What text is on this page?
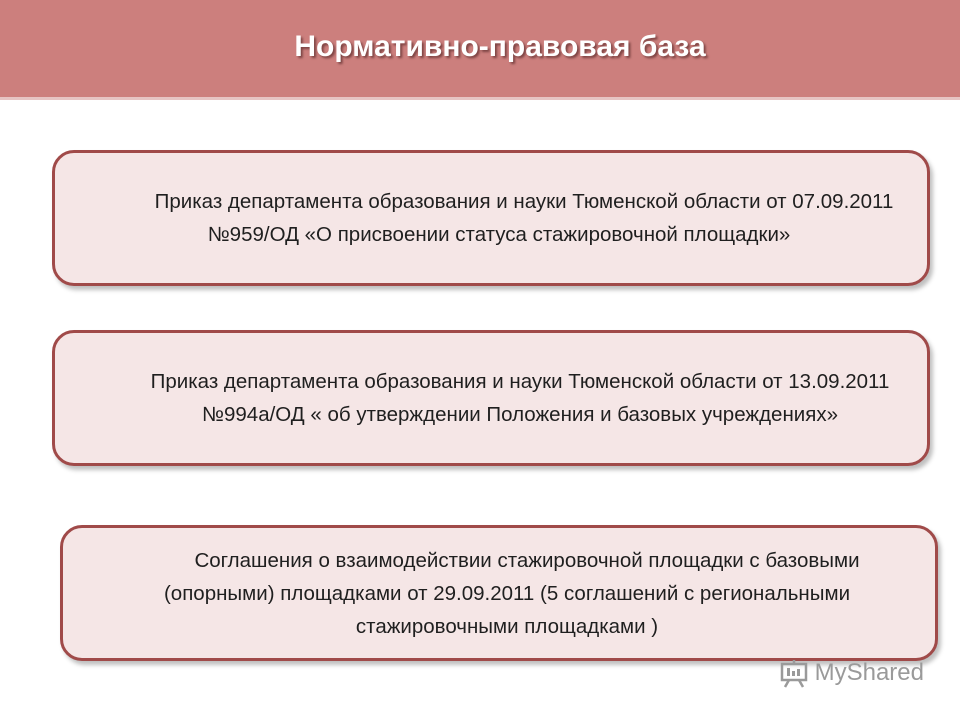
Нормативно-правовая база
Приказ департамента образования и науки Тюменской области от 07.09.2011 №959/ОД «О присвоении статуса стажировочной площадки»
Приказ департамента образования и науки Тюменской области от 13.09.2011 №994а/ОД « об утверждении Положения и базовых учреждениях»
Соглашения о взаимодействии стажировочной площадки с базовыми (опорными) площадками от 29.09.2011 (5 соглашений с региональными стажировочными площадками )
MyShared
